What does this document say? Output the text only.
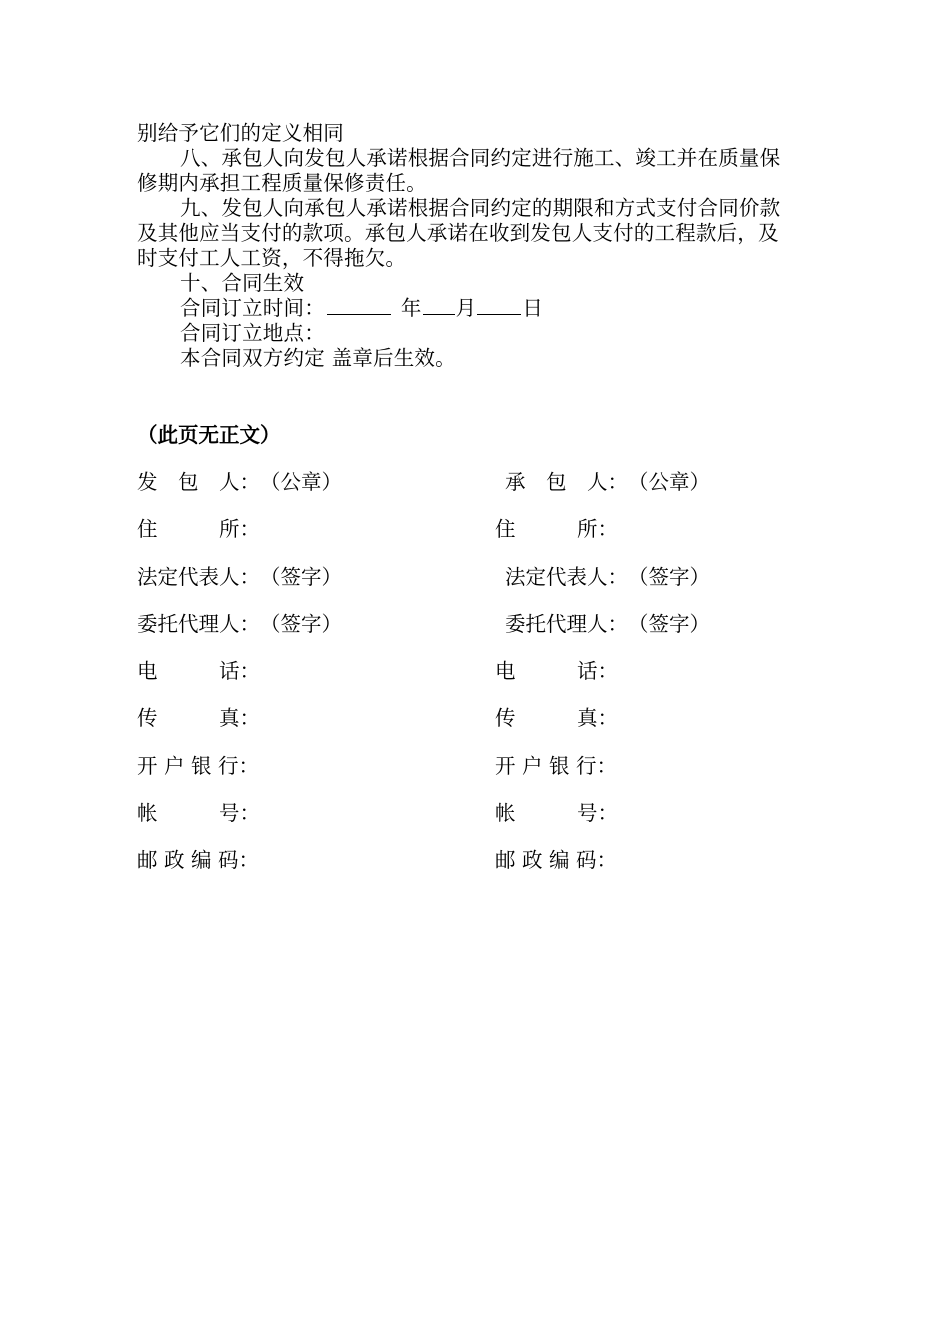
别给予它们的定义相同
八、承包人向发包人承诺根据合同约定进行施工、竣工并在质量保
修期内承担工程质量保修责任。
九、发包人向承包人承诺根据合同约定的期限和方式支付合同价款
及其他应当支付的款项。承包人承诺在收到发包人支付的工程款后，及
时支付工人工资，不得拖欠。
十、合同生效
合同订立时间：	年 月 日
合同订立地点：
本合同双方约定 盖章后生效。
（此页无正文）
发　包　人：（公章）
住　　　所：
法定代表人：（签字）
委托代理人：（签字）
电　　　话：
传　　　真：
开 户 银 行：
帐　　　号：
邮 政 编 码：
承　包　人：（公章）
住　　　所：
法定代表人：（签字）
委托代理人：（签字）
电　　　话：
传　　　真：
开 户 银 行：
帐　　　号：
邮 政 编 码：
